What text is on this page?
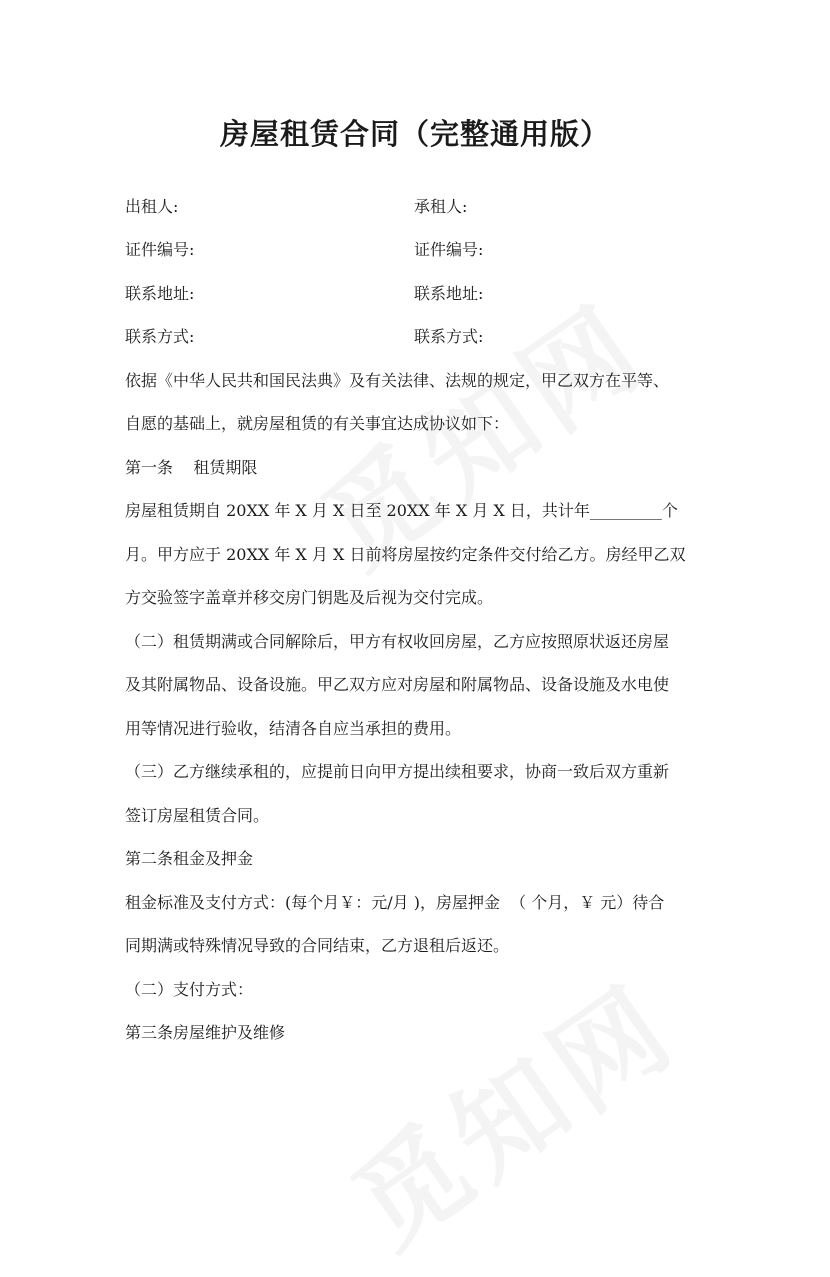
房屋租赁合同（完整通用版）

出租人:	承租人:

证件编号:	证件编号:

联系地址:	联系地址:

联系方式:	联系方式:

依据《中华人民共和国民法典》及有关法律、法规的规定，甲乙双方在平等、

自愿的基础上，就房屋租赁的有关事宜达成协议如下：

第一条    租赁期限

房屋租赁期自 20XX 年 X 月 X 日至 20XX 年 X 月 X 日，共计年_________个

月。甲方应于 20XX 年 X 月 X 日前将房屋按约定条件交付给乙方。房经甲乙双

方交验签字盖章并移交房门钥匙及后视为交付完成。

（二）租赁期满或合同解除后，甲方有权收回房屋，乙方应按照原状返还房屋

及其附属物品、设备设施。甲乙双方应对房屋和附属物品、设备设施及水电使

用等情况进行验收，结清各自应当承担的费用。

（三）乙方继续承租的，应提前日向甲方提出续租要求，协商一致后双方重新

签订房屋租赁合同。

第二条租金及押金

租金标准及支付方式：(每个月￥：元/月 )，房屋押金  （ 个月，￥ 元）待合

同期满或特殊情况导致的合同结束，乙方退租后返还。

（二）支付方式：

第三条房屋维护及维修
